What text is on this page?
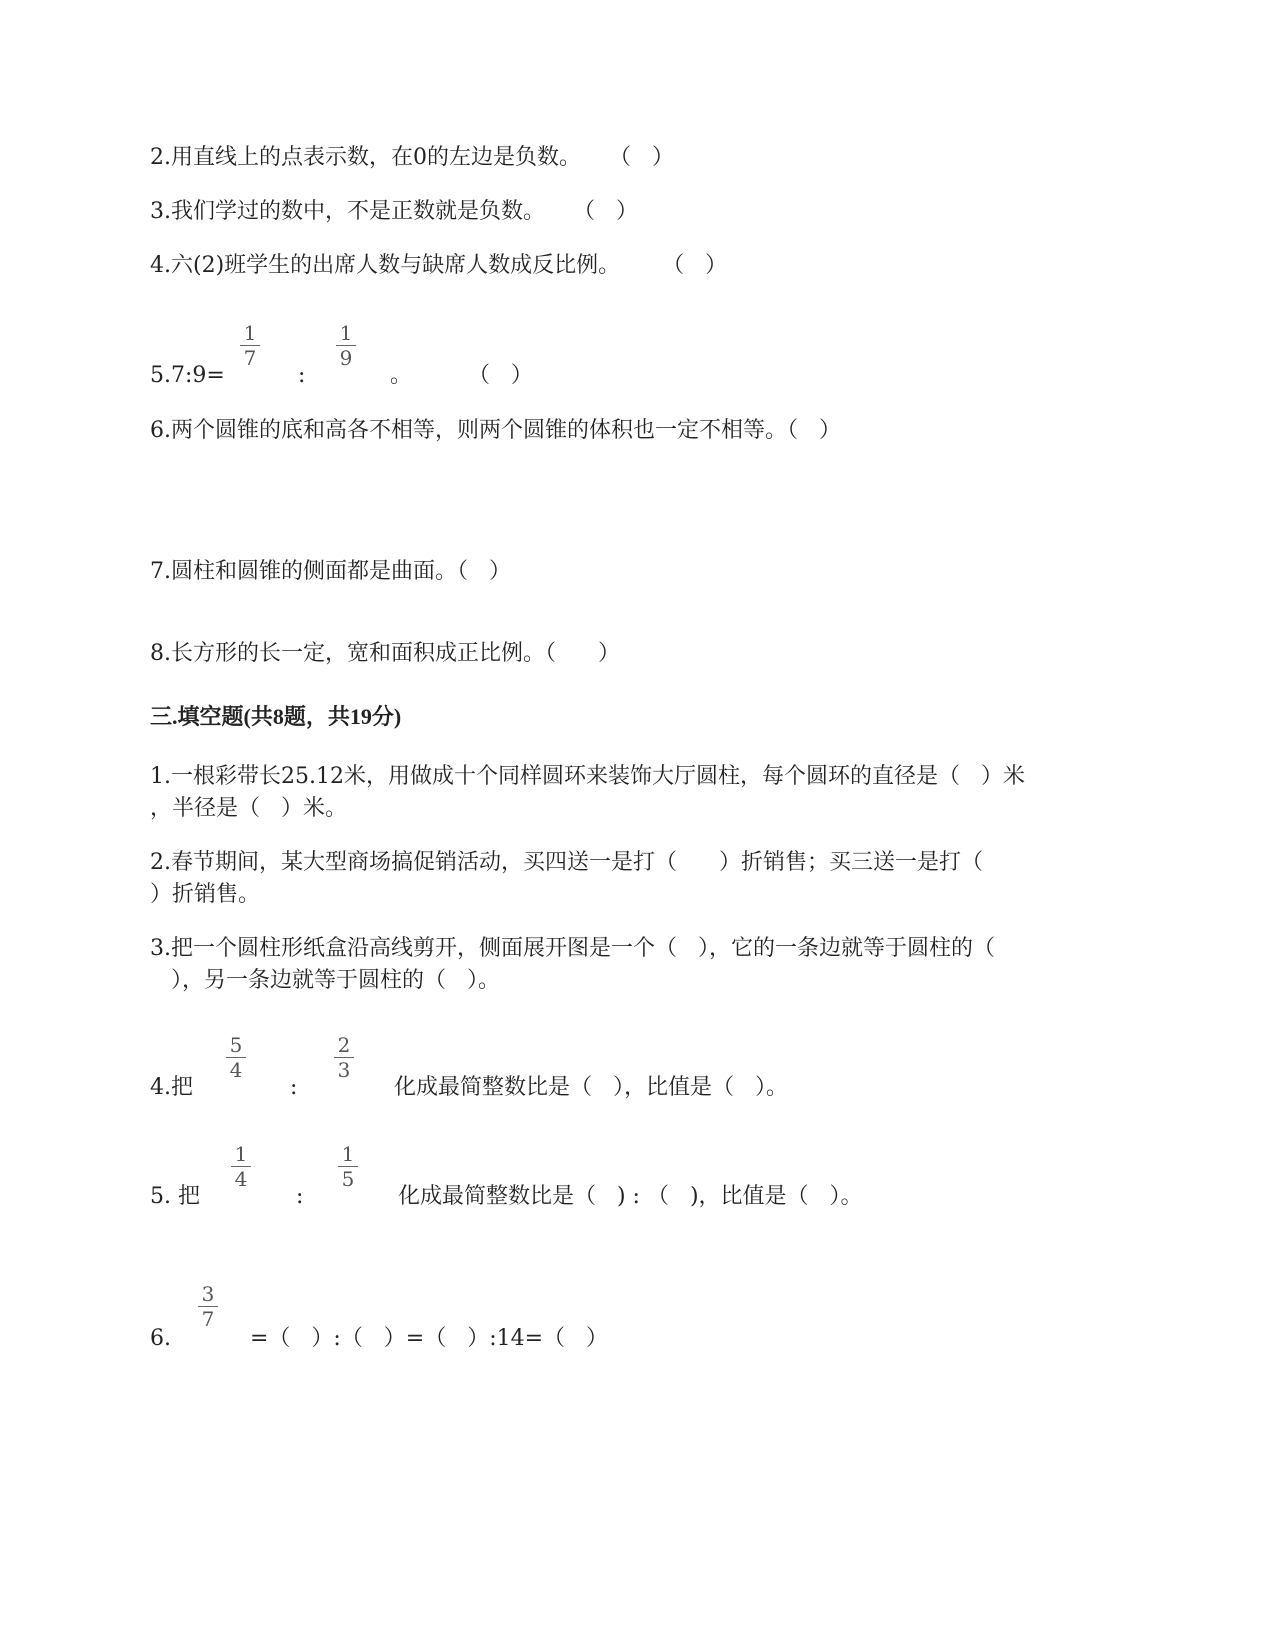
2.用直线上的点表示数，在0的左边是负数。    （   ）
3.我们学过的数中，不是正数就是负数。    （   ）
4.六(2)班学生的出席人数与缺席人数成反比例。      （   ）
5.7:9=
1
7
:
1
9
。        （   ）
6.两个圆锥的底和高各不相等，则两个圆锥的体积也一定不相等。（   ）
7.圆柱和圆锥的侧面都是曲面。（   ）
8.长方形的长一定，宽和面积成正比例。（      ）
三.填空题(共8题，共19分)
1.一根彩带长25.12米，用做成十个同样圆环来装饰大厅圆柱，每个圆环的直径是（   ）米
，半径是（   ）米。
2.春节期间，某大型商场搞促销活动，买四送一是打（      ）折销售；买三送一是打（
）折销售。
3.把一个圆柱形纸盒沿高线剪开，侧面展开图是一个（   ），它的一条边就等于圆柱的（
），另一条边就等于圆柱的（   ）。
4.把
5
4
:
2
3
化成最简整数比是（   ），比值是（   ）。
5. 把
1
4
:
1
5
化成最简整数比是（   ) : （   )，比值是（   ）。
6.
3
7
=（   ）:（   ）=（   ）:14=（   ）
